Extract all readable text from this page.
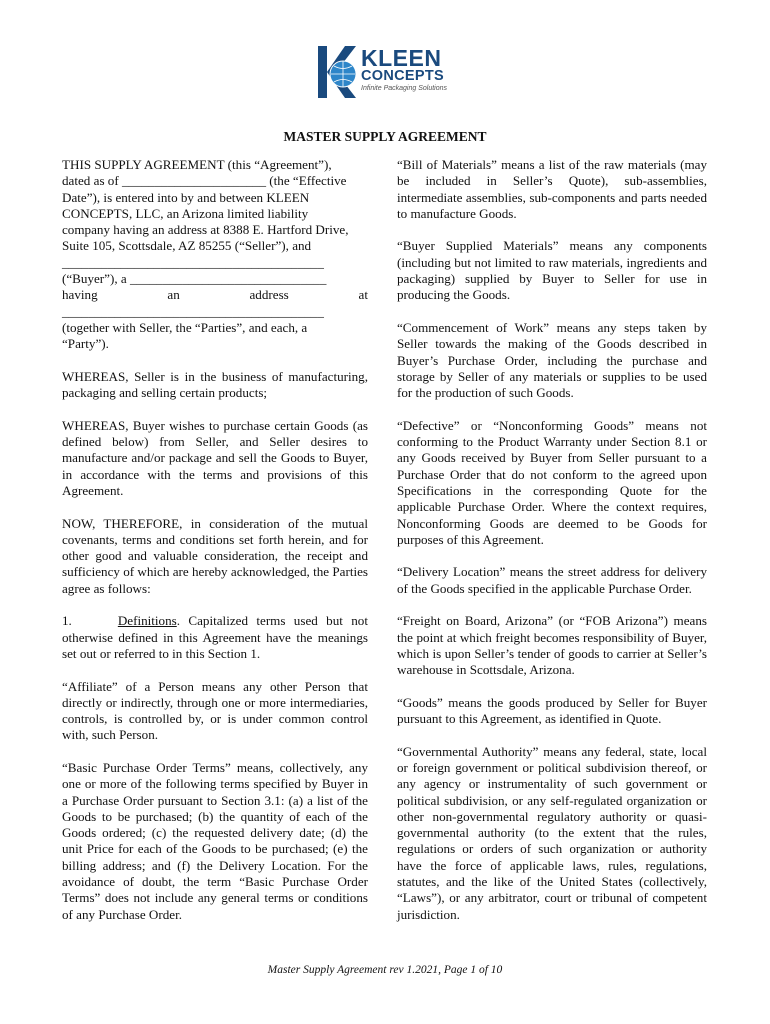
KLEEN
CONCEPTS
Infinite Packaging Solutions
MASTER SUPPLY AGREEMENT

THIS SUPPLY AGREEMENT (this “Agreement”),
dated as of ______________________ (the “Effective
Date”), is entered into by and between KLEEN
CONCEPTS, LLC, an Arizona limited liability
company having an address at 8388 E. Hartford Drive,
Suite 105, Scottsdale, AZ 85255 (“Seller”), and
________________________________________
(“Buyer”), a ______________________________
having	an	address	at
________________________________________
(together with Seller, the “Parties”, and each, a
“Party”).

WHEREAS, Seller is in the business of manufacturing, packaging and selling certain products;

WHEREAS, Buyer wishes to purchase certain Goods (as defined below) from Seller, and Seller desires to manufacture and/or package and sell the Goods to Buyer, in accordance with the terms and provisions of this Agreement.

NOW, THEREFORE, in consideration of the mutual covenants, terms and conditions set forth herein, and for other good and valuable consideration, the receipt and sufficiency of which are hereby acknowledged, the Parties agree as follows:

1.	Definitions. Capitalized terms used but not otherwise defined in this Agreement have the meanings set out or referred to in this Section 1.

“Affiliate” of a Person means any other Person that directly or indirectly, through one or more intermediaries, controls, is controlled by, or is under common control with, such Person.

“Basic Purchase Order Terms” means, collectively, any one or more of the following terms specified by Buyer in a Purchase Order pursuant to Section 3.1: (a) a list of the Goods to be purchased; (b) the quantity of each of the Goods ordered; (c) the requested delivery date; (d) the unit Price for each of the Goods to be purchased; (e) the billing address; and (f) the Delivery Location. For the avoidance of doubt, the term “Basic Purchase Order Terms” does not include any general terms or conditions of any Purchase Order.

“Bill of Materials” means a list of the raw materials (may be included in Seller’s Quote), sub-assemblies, intermediate assemblies, sub-components and parts needed to manufacture Goods.

“Buyer Supplied Materials” means any components (including but not limited to raw materials, ingredients and packaging) supplied by Buyer to Seller for use in producing the Goods.

“Commencement of Work” means any steps taken by Seller towards the making of the Goods described in Buyer’s Purchase Order, including the purchase and storage by Seller of any materials or supplies to be used for the production of such Goods.

“Defective” or “Nonconforming Goods” means not conforming to the Product Warranty under Section 8.1 or any Goods received by Buyer from Seller pursuant to a Purchase Order that do not conform to the agreed upon Specifications in the corresponding Quote for the applicable Purchase Order. Where the context requires, Nonconforming Goods are deemed to be Goods for purposes of this Agreement.

“Delivery Location” means the street address for delivery of the Goods specified in the applicable Purchase Order.

“Freight on Board, Arizona” (or “FOB Arizona”) means the point at which freight becomes responsibility of Buyer, which is upon Seller’s tender of goods to carrier at Seller’s warehouse in Scottsdale, Arizona.

“Goods” means the goods produced by Seller for Buyer pursuant to this Agreement, as identified in Quote.

“Governmental Authority” means any federal, state, local or foreign government or political subdivision thereof, or any agency or instrumentality of such government or political subdivision, or any self-regulated organization or other non-governmental regulatory authority or quasi-governmental authority (to the extent that the rules, regulations or orders of such organization or authority have the force of applicable laws, rules, regulations, statutes, and the like of the United States (collectively, “Laws”), or any arbitrator, court or tribunal of competent jurisdiction.

Master Supply Agreement rev 1.2021, Page 1 of 10
